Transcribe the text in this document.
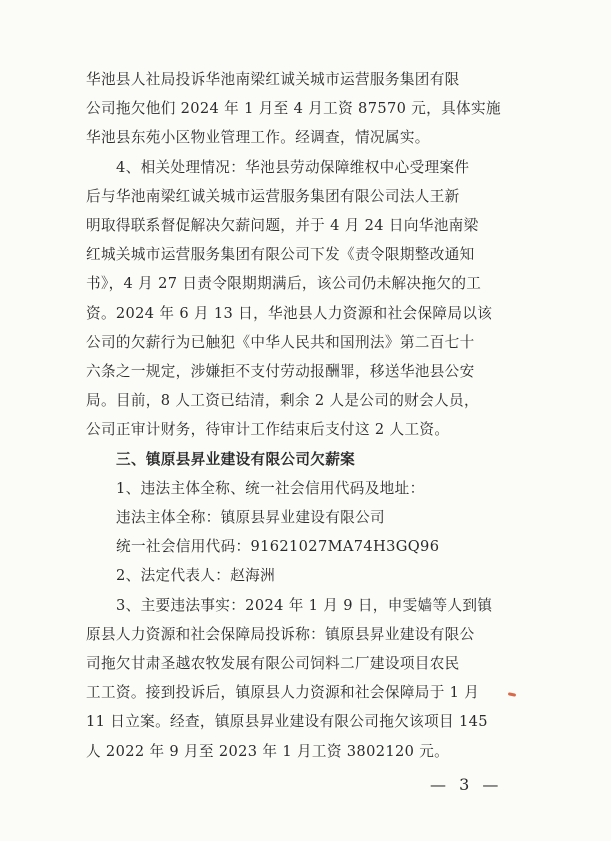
华池县人社局投诉华池南梁红诚关城市运营服务集团有限
公司拖欠他们 2024 年 1 月至 4 月工资 87570 元，具体实施
华池县东苑小区物业管理工作。经调查，情况属实。
4、相关处理情况：华池县劳动保障维权中心受理案件
后与华池南梁红诚关城市运营服务集团有限公司法人王新
明取得联系督促解决欠薪问题，并于 4 月 24 日向华池南梁
红城关城市运营服务集团有限公司下发《责令限期整改通知
书》，4 月 27 日责令限期期满后，该公司仍未解决拖欠的工
资。2024 年 6 月 13 日，华池县人力资源和社会保障局以该
公司的欠薪行为已触犯《中华人民共和国刑法》第二百七十
六条之一规定，涉嫌拒不支付劳动报酬罪，移送华池县公安
局。目前，8 人工资已结清，剩余 2 人是公司的财会人员，
公司正审计财务，待审计工作结束后支付这 2 人工资。
三、镇原县昇业建设有限公司欠薪案
1、违法主体全称、统一社会信用代码及地址：
违法主体全称：镇原县昇业建设有限公司
统一社会信用代码：91621027MA74H3GQ96
2、法定代表人：赵海洲
3、主要违法事实：2024 年 1 月 9 日，申雯嫱等人到镇
原县人力资源和社会保障局投诉称：镇原县昇业建设有限公
司拖欠甘肃圣越农牧发展有限公司饲料二厂建设项目农民
工工资。接到投诉后，镇原县人力资源和社会保障局于 1 月
11 日立案。经查，镇原县昇业建设有限公司拖欠该项目 145
人 2022 年 9 月至 2023 年 1 月工资 3802120 元。
— 3 —
